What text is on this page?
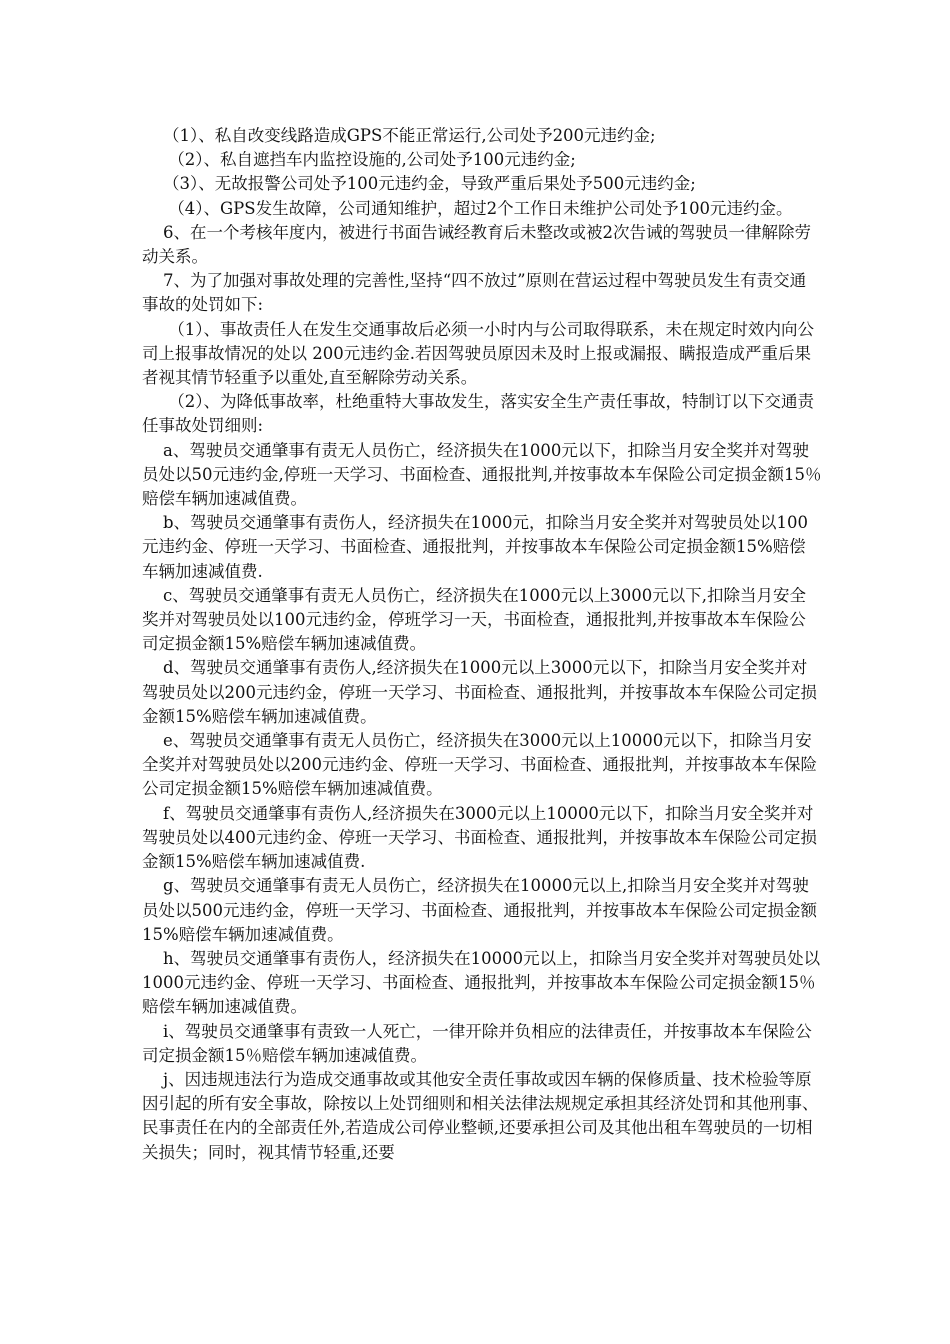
（1）、私自改变线路造成GPS不能正常运行,公司处予200元违约金;

（2）、私自遮挡车内监控设施的,公司处予100元违约金;

（3）、无故报警公司处予100元违约金，导致严重后果处予500元违约金;

（4）、GPS发生故障，公司通知维护，超过2个工作日未维护公司处予100元违约金。

6、在一个考核年度内，被进行书面告诫经教育后未整改或被2次告诫的驾驶员一律解除劳动关系。

7、为了加强对事故处理的完善性,坚持“四不放过”原则在营运过程中驾驶员发生有责交通事故的处罚如下:

（1）、事故责任人在发生交通事故后必须一小时内与公司取得联系，未在规定时效内向公司上报事故情况的处以 200元违约金.若因驾驶员原因未及时上报或漏报、瞒报造成严重后果者视其情节轻重予以重处,直至解除劳动关系。

（2）、为降低事故率，杜绝重特大事故发生，落实安全生产责任事故，特制订以下交通责任事故处罚细则:

a、驾驶员交通肇事有责无人员伤亡，经济损失在1000元以下，扣除当月安全奖并对驾驶员处以50元违约金,停班一天学习、书面检查、通报批判,并按事故本车保险公司定损金额15％赔偿车辆加速减值费。

b、驾驶员交通肇事有责伤人，经济损失在1000元，扣除当月安全奖并对驾驶员处以100元违约金、停班一天学习、书面检查、通报批判，并按事故本车保险公司定损金额15%赔偿车辆加速减值费.

c、驾驶员交通肇事有责无人员伤亡，经济损失在1000元以上3000元以下,扣除当月安全奖并对驾驶员处以100元违约金，停班学习一天，书面检查，通报批判,并按事故本车保险公司定损金额15%赔偿车辆加速减值费。

d、驾驶员交通肇事有责伤人,经济损失在1000元以上3000元以下，扣除当月安全奖并对驾驶员处以200元违约金，停班一天学习、书面检查、通报批判，并按事故本车保险公司定损金额15%赔偿车辆加速减值费。

e、驾驶员交通肇事有责无人员伤亡，经济损失在3000元以上10000元以下，扣除当月安全奖并对驾驶员处以200元违约金、停班一天学习、书面检查、通报批判，并按事故本车保险公司定损金额15%赔偿车辆加速减值费。

f、驾驶员交通肇事有责伤人,经济损失在3000元以上10000元以下，扣除当月安全奖并对驾驶员处以400元违约金、停班一天学习、书面检查、通报批判，并按事故本车保险公司定损金额15%赔偿车辆加速减值费.

g、驾驶员交通肇事有责无人员伤亡，经济损失在10000元以上,扣除当月安全奖并对驾驶员处以500元违约金，停班一天学习、书面检查、通报批判，并按事故本车保险公司定损金额15%赔偿车辆加速减值费。

h、驾驶员交通肇事有责伤人，经济损失在10000元以上，扣除当月安全奖并对驾驶员处以1000元违约金、停班一天学习、书面检查、通报批判，并按事故本车保险公司定损金额15％赔偿车辆加速减值费。

i、驾驶员交通肇事有责致一人死亡，一律开除并负相应的法律责任，并按事故本车保险公司定损金额15％赔偿车辆加速减值费。

j、因违规违法行为造成交通事故或其他安全责任事故或因车辆的保修质量、技术检验等原因引起的所有安全事故，除按以上处罚细则和相关法律法规规定承担其经济处罚和其他刑事、民事责任在内的全部责任外,若造成公司停业整顿,还要承担公司及其他出租车驾驶员的一切相关损失；同时，视其情节轻重,还要
